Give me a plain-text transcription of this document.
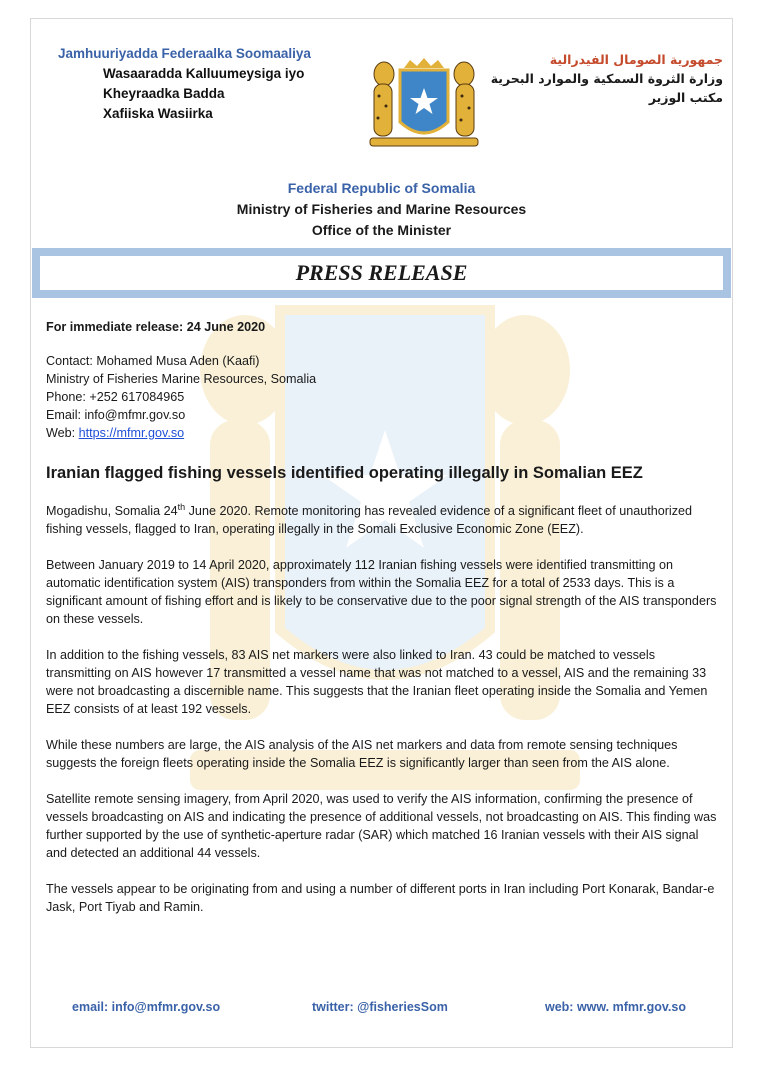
Jamhuuriyadda Federaalka Soomaaliya
Wasaaradda Kalluumeysiga iyo
Kheyraadka Badda
Xafiiska Wasiirka
جمهورية الصومال الفيدرالية
وزارة الثروة السمكية والموارد البحرية
مكتب الوزير
Federal Republic of Somalia
Ministry of Fisheries and Marine Resources
Office of the Minister
PRESS RELEASE
For immediate release: 24 June 2020
Contact: Mohamed Musa Aden (Kaafi)
Ministry of Fisheries Marine Resources, Somalia
Phone: +252 617084965
Email: info@mfmr.gov.so
Web: https://mfmr.gov.so
Iranian flagged fishing vessels identified operating illegally in Somalian EEZ

Mogadishu, Somalia 24th June 2020. Remote monitoring has revealed evidence of a significant fleet of unauthorized fishing vessels, flagged to Iran, operating illegally in the Somali Exclusive Economic Zone (EEZ).

Between January 2019 to 14 April 2020, approximately 112 Iranian fishing vessels were identified transmitting on automatic identification system (AIS) transponders from within the Somalia EEZ for a total of 2533 days. This is a significant amount of fishing effort and is likely to be conservative due to the poor signal strength of the AIS transponders on these vessels.

In addition to the fishing vessels, 83 AIS net markers were also linked to Iran. 43 could be matched to vessels transmitting on AIS however 17 transmitted a vessel name that was not matched to a vessel, AIS and the remaining 33 were not broadcasting a discernible name. This suggests that the Iranian fleet operating inside the Somalia and Yemen EEZ consists of at least 192 vessels.

While these numbers are large, the AIS analysis of the AIS net markers and data from remote sensing techniques suggests the foreign fleets operating inside the Somalia EEZ is significantly larger than seen from the AIS alone.

Satellite remote sensing imagery, from April 2020, was used to verify the AIS information, confirming the presence of vessels broadcasting on AIS and indicating the presence of additional vessels, not broadcasting on AIS. This finding was further supported by the use of synthetic-aperture radar (SAR) which matched 16 Iranian vessels with their AIS signal and detected an additional 44 vessels.

The vessels appear to be originating from and using a number of different ports in Iran including Port Konarak, Bandar-e Jask, Port Tiyab and Ramin.

email: info@mfmr.gov.so	twitter: @fisheriesSom	web: www. mfmr.gov.so
